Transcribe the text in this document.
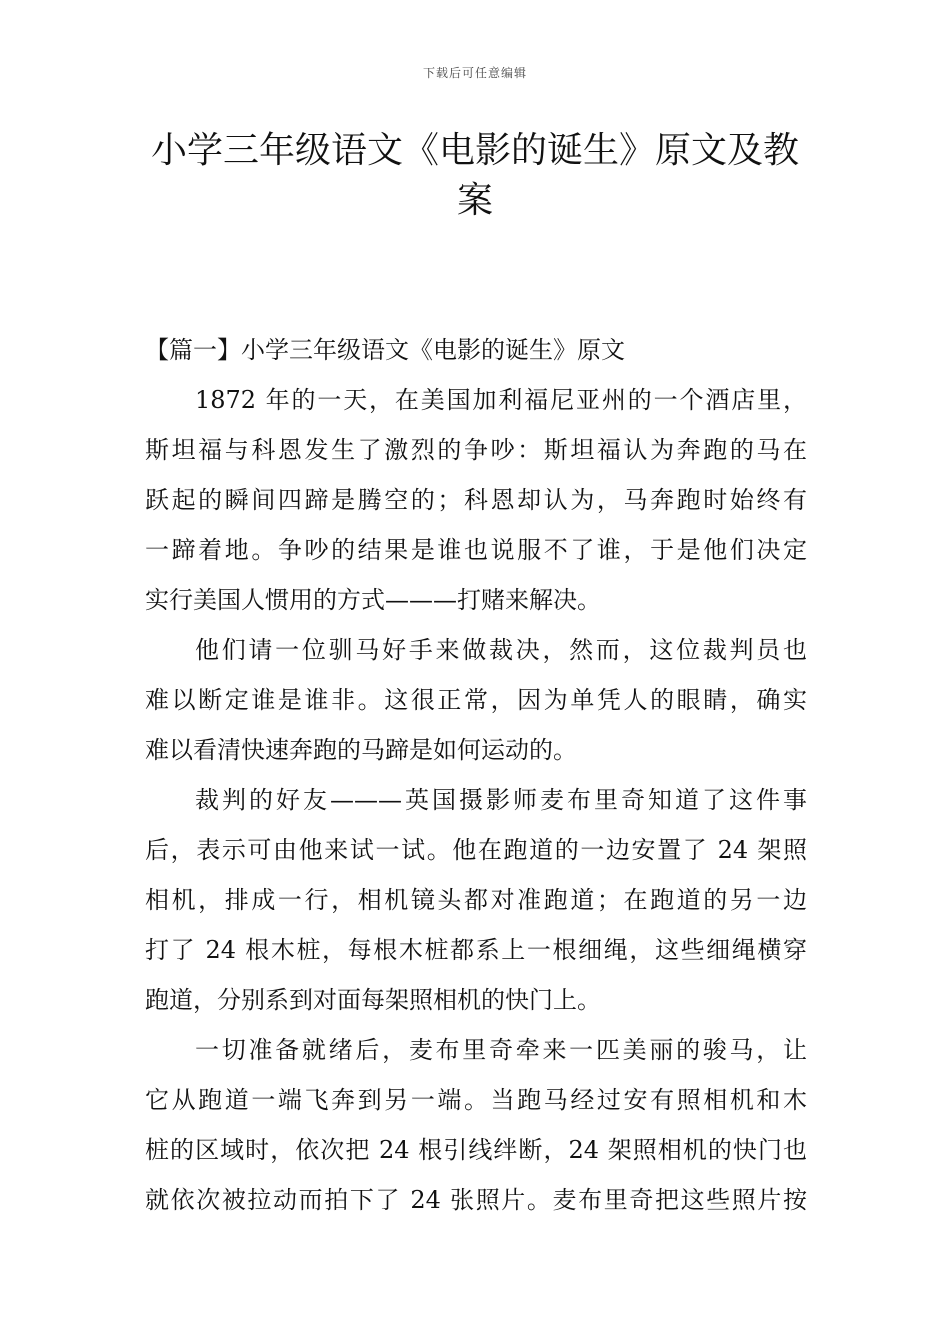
下载后可任意编辑
小学三年级语文《电影的诞生》原文及教
案
【篇一】小学三年级语文《电影的诞生》原文

1872 年的一天，在美国加利福尼亚州的一个酒店里，
斯坦福与科恩发生了激烈的争吵：斯坦福认为奔跑的马在
跃起的瞬间四蹄是腾空的；科恩却认为，马奔跑时始终有
一蹄着地。争吵的结果是谁也说服不了谁，于是他们决定
实行美国人惯用的方式———打赌来解决。

他们请一位驯马好手来做裁决，然而，这位裁判员也
难以断定谁是谁非。这很正常，因为单凭人的眼睛，确实
难以看清快速奔跑的马蹄是如何运动的。

裁判的好友———英国摄影师麦布里奇知道了这件事
后，表示可由他来试一试。他在跑道的一边安置了 24 架照
相机，排成一行，相机镜头都对准跑道；在跑道的另一边
打了 24 根木桩，每根木桩都系上一根细绳，这些细绳横穿
跑道，分别系到对面每架照相机的快门上。

一切准备就绪后，麦布里奇牵来一匹美丽的骏马，让
它从跑道一端飞奔到另一端。当跑马经过安有照相机和木
桩的区域时，依次把 24 根引线绊断，24 架照相机的快门也
就依次被拉动而拍下了 24 张照片。麦布里奇把这些照片按
